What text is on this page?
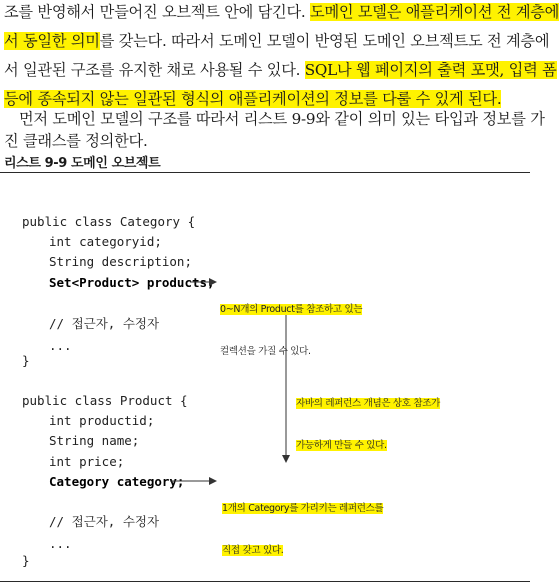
조를 반영해서 만들어진 오브젝트 안에 담긴다. 도메인 모델은 애플리케이션 전 계층에
서 동일한 의미를 갖는다. 따라서 도메인 모델이 반영된 도메인 오브젝트도 전 계층에
서 일관된 구조를 유지한 채로 사용될 수 있다. SQL나 웹 페이지의 출력 포맷, 입력 폼
등에 종속되지 않는 일관된 형식의 애플리케이션의 정보를 다룰 수 있게 된다.
　먼저 도메인 모델의 구조를 따라서 리스트 9-9와 같이 의미 있는 타입과 정보를 가
진 클래스를 정의한다.
리스트 9-9 도메인 오브젝트
public class Category {
int categoryid;
String description;
Set<Product> products;
// 접근자, 수정자
...
}
public class Product {
int productid;
String name;
int price;
Category category;
// 접근자, 수정자
...
}

0~N개의 Product를 참조하고 있는

컬렉션을 가질 수 있다.

자바의 레퍼런스 개념은 상호 참조가

가능하게 만들 수 있다.

1개의 Category를 가리키는 레퍼런스를

직접 갖고 있다.
